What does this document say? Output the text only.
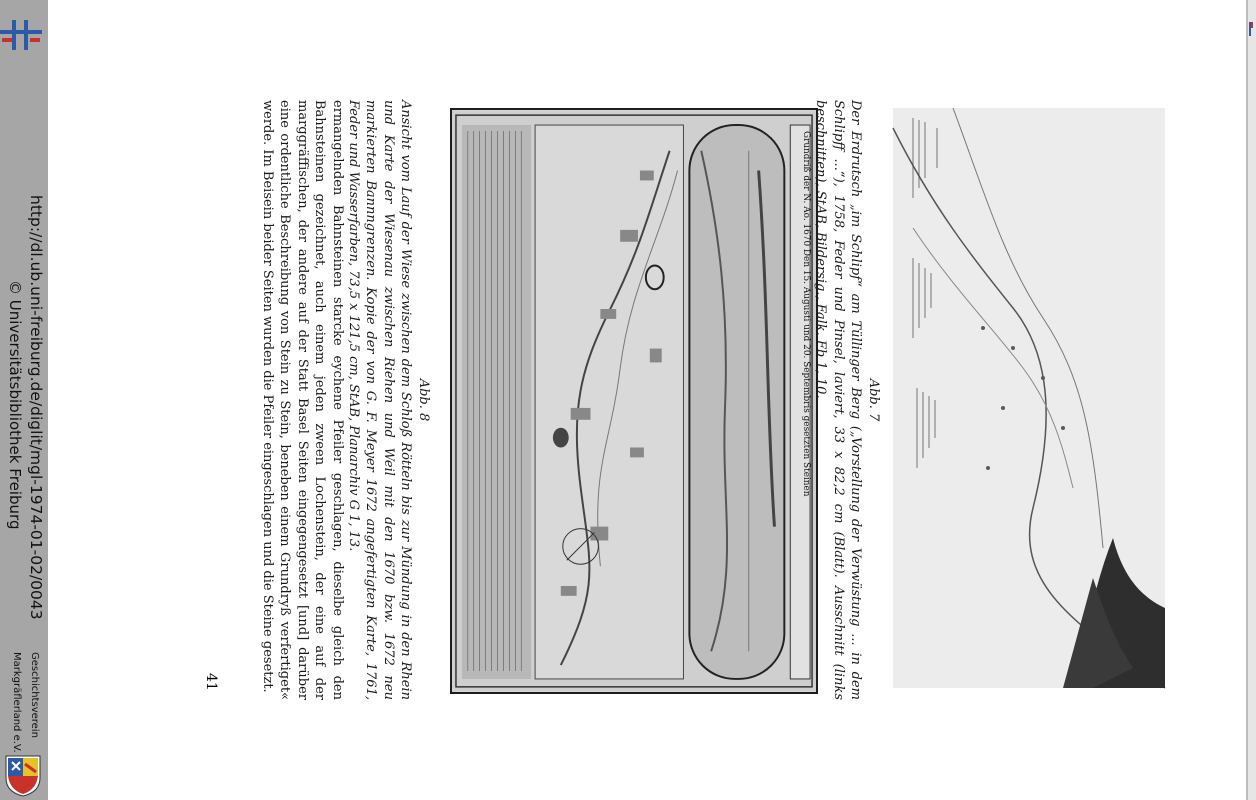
http://dl.ub.uni-freiburg.de/diglit/mgl-1974-01-02/0043
© Universitätsbibliothek Freiburg
Geschichtsverein
Markgräflerland e.V.	41	ermangelnden Bahnsteinen starcke eychene Pfeiler geschlagen, dieselbe gleich den Bahnsteinen gezeichnet, auch einem jeden zween Lochenstein, der eine auf der marggräffischen, der andere auf der Statt Basel Seiten eingegengesetzt [und] darüber eine ordentliche Beschreibung von Stein zu Stein, beneben einem Grundryß verfertiget« werde. Im Beisein beider Seiten wurden die Pfeiler eingeschlagen und die Steine gesetzt.	Abb. 8
Ansicht vom Lauf der Wiese zwischen dem Schloß Rötteln bis zur Mündung in den Rhein und Karte der Wiesenau zwischen Riehen und Weil mit den 1670 bzw. 1672 neu markierten Bannngrenzen. Kopie der von G. F. Meyer 1672 angefertigten Karte, 1761, Feder und Wasserfarben, 73,5 x 121,5 cm, StAB, Planarchiv G 1, 13.	Grundriß der N. Ao. 1670 Den 15. Augusti und 20. Septembris gesetzten Steinen	Abb. 7
Der Erdrutsch „im Schlipf“ am Tüllinger Berg („Vorstellung der Verwüstung ... in dem Schlipff ...“), 1758, Feder und Pinsel, laviert, 33 x 82,2 cm (Blatt). Ausschnitt (links beschnitten), StAB, Bildersig., Falk. Fb 1, 10.
